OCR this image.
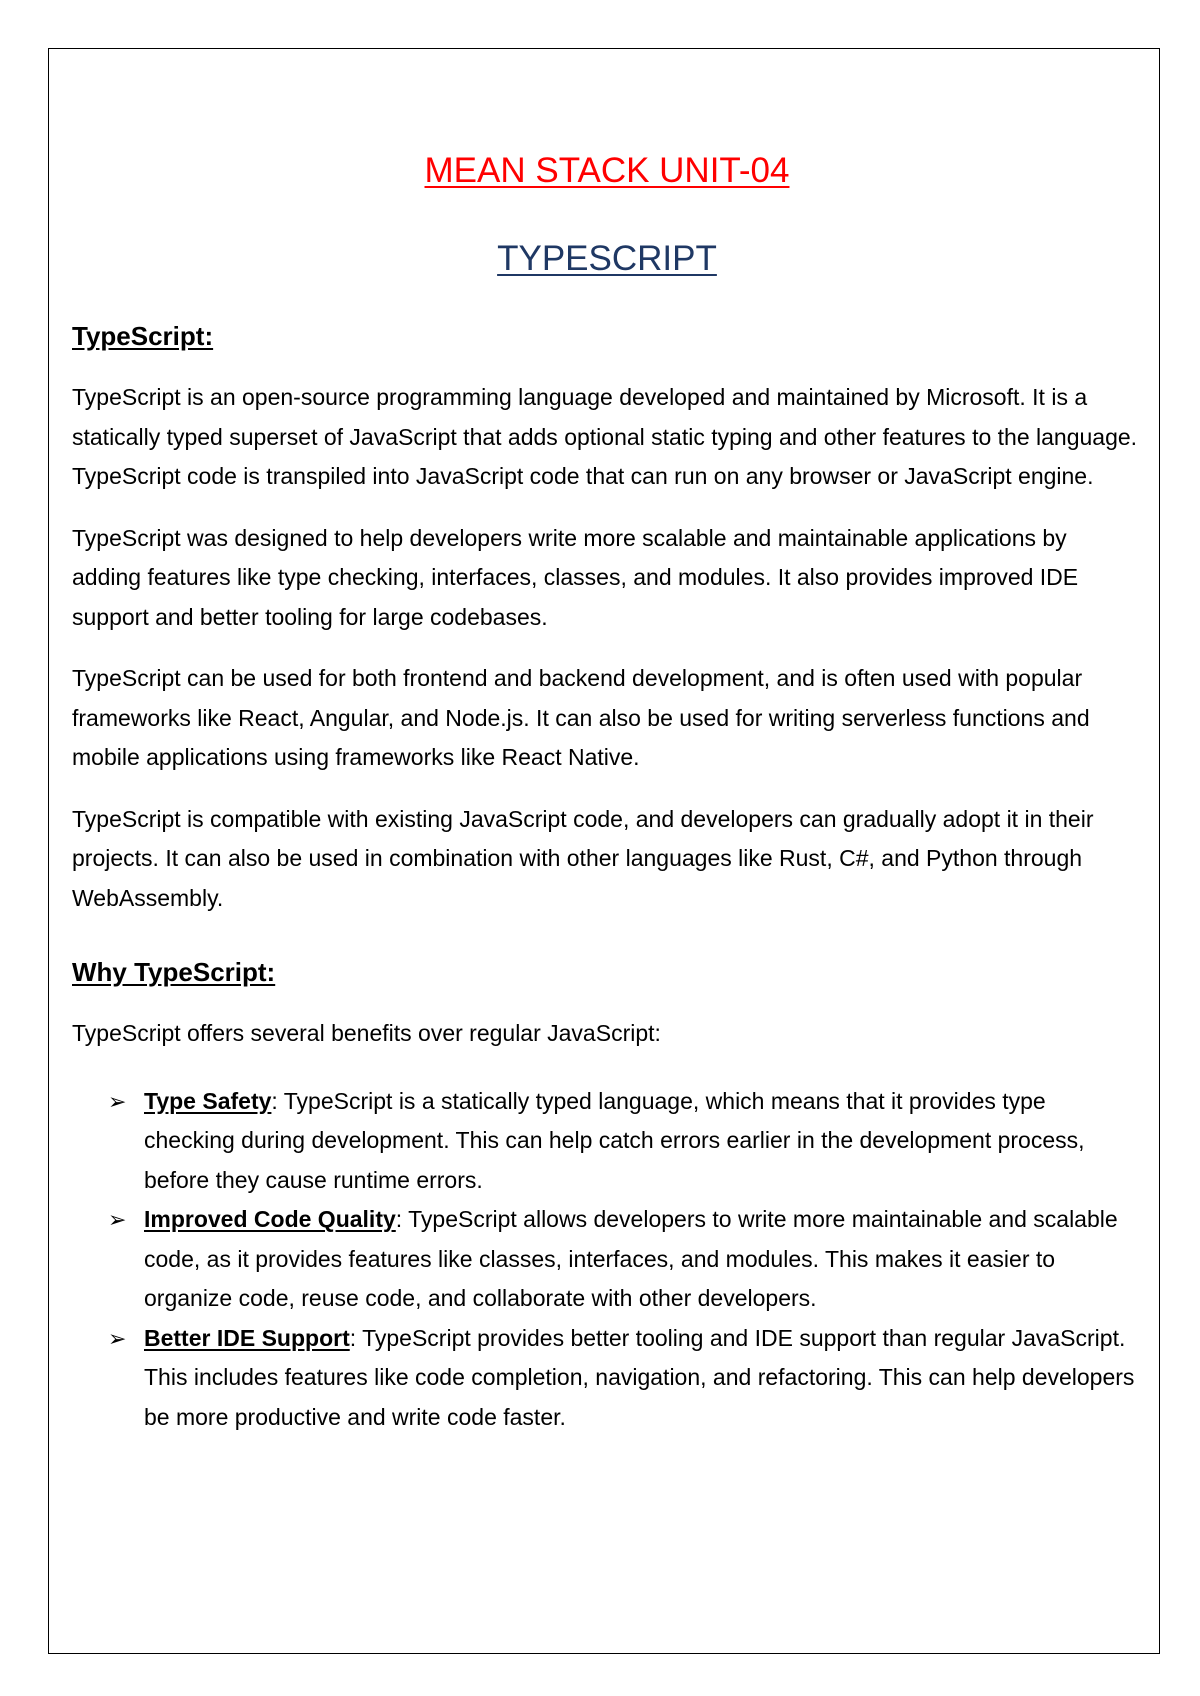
MEAN STACK UNIT-04
TYPESCRIPT
TypeScript:

TypeScript is an open-source programming language developed and maintained by Microsoft. It is a statically typed superset of JavaScript that adds optional static typing and other features to the language. TypeScript code is transpiled into JavaScript code that can run on any browser or JavaScript engine.

TypeScript was designed to help developers write more scalable and maintainable applications by adding features like type checking, interfaces, classes, and modules. It also provides improved IDE support and better tooling for large codebases.

TypeScript can be used for both frontend and backend development, and is often used with popular frameworks like React, Angular, and Node.js. It can also be used for writing serverless functions and mobile applications using frameworks like React Native.

TypeScript is compatible with existing JavaScript code, and developers can gradually adopt it in their projects. It can also be used in combination with other languages like Rust, C#, and Python through WebAssembly.

Why TypeScript:

TypeScript offers several benefits over regular JavaScript:

➢ Type Safety: TypeScript is a statically typed language, which means that it provides type checking during development. This can help catch errors earlier in the development process, before they cause runtime errors.
➢ Improved Code Quality: TypeScript allows developers to write more maintainable and scalable code, as it provides features like classes, interfaces, and modules. This makes it easier to organize code, reuse code, and collaborate with other developers.
➢ Better IDE Support: TypeScript provides better tooling and IDE support than regular JavaScript. This includes features like code completion, navigation, and refactoring. This can help developers be more productive and write code faster.
